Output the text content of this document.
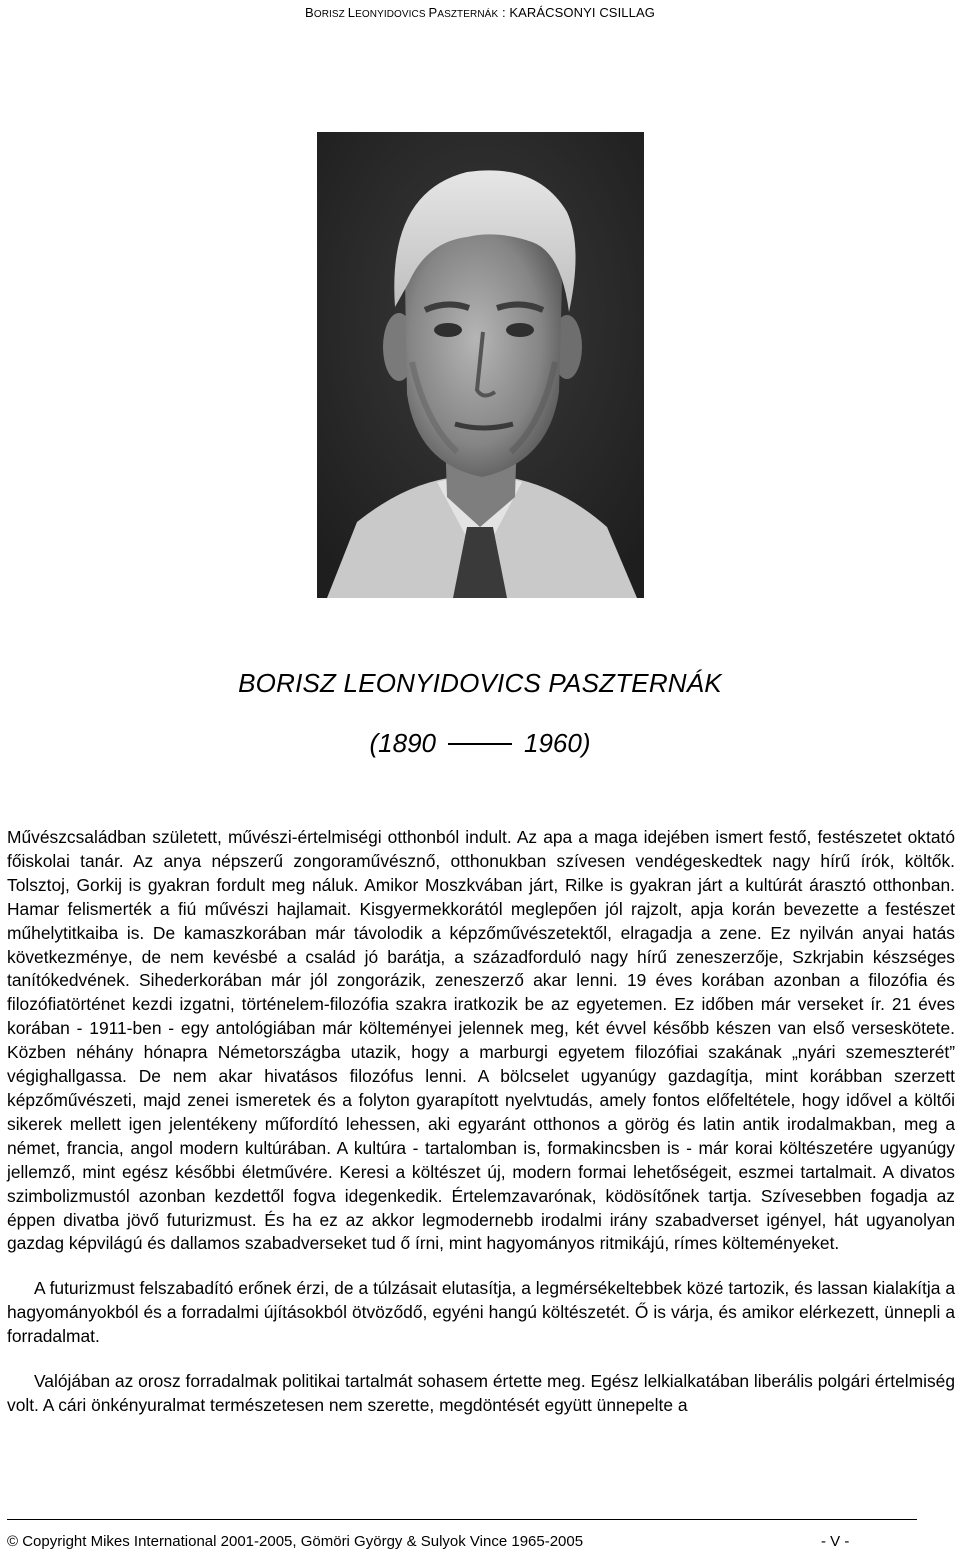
BORISZ LEONYIDOVICS PASZTERNÁK : KARÁCSONYI CSILLAG
BORISZ LEONYIDOVICS PASZTERNÁK
(1890	1960)

Művészcsaládban született, művészi-értelmiségi otthonból indult. Az apa a maga idejében ismert festő, festészetet oktató főiskolai tanár. Az anya népszerű zongoraművésznő, otthonukban szívesen vendégeskedtek nagy hírű írók, költők. Tolsztoj, Gorkij is gyakran fordult meg náluk. Amikor Moszkvában járt, Rilke is gyakran járt a kultúrát árasztó otthonban. Hamar felismerték a fiú művészi hajlamait. Kisgyermekkorától meglepően jól rajzolt, apja korán bevezette a festészet műhelytitkaiba is. De kamaszkorában már távolodik a képzőművészetektől, elragadja a zene. Ez nyilván anyai hatás következménye, de nem kevésbé a család jó barátja, a századforduló nagy hírű zeneszerzője, Szkrjabin készséges tanítókedvének. Sihederkorában már jól zongorázik, zeneszerző akar lenni. 19 éves korában azonban a filozófia és filozófiatörténet kezdi izgatni, történelem-filozófia szakra iratkozik be az egyetemen. Ez időben már verseket ír. 21 éves korában - 1911-ben - egy antológiában már költeményei jelennek meg, két évvel később készen van első verseskötete. Közben néhány hónapra Németországba utazik, hogy a marburgi egyetem filozófiai szakának „nyári szemeszterét” végighallgassa. De nem akar hivatásos filozófus lenni. A bölcselet ugyanúgy gazdagítja, mint korábban szerzett képzőművészeti, majd zenei ismeretek és a folyton gyarapított nyelvtudás, amely fontos előfeltétele, hogy idővel a költői sikerek mellett igen jelentékeny műfordító lehessen, aki egyaránt otthonos a görög és latin antik irodalmakban, meg a német, francia, angol modern kultúrában. A kultúra - tartalomban is, formakincsben is - már korai költészetére ugyanúgy jellemző, mint egész későbbi életművére. Keresi a költészet új, modern formai lehetőségeit, eszmei tartalmait. A divatos szimbolizmustól azonban kezdettől fogva idegenkedik. Értelemzavarónak, ködösítőnek tartja. Szívesebben fogadja az éppen divatba jövő futurizmust. És ha ez az akkor legmodernebb irodalmi irány szabadverset igényel, hát ugyanolyan gazdag képvilágú és dallamos szabadverseket tud ő írni, mint hagyományos ritmikájú, rímes költeményeket.

A futurizmust felszabadító erőnek érzi, de a túlzásait elutasítja, a legmérsékeltebbek közé tartozik, és lassan kialakítja a hagyományokból és a forradalmi újításokból ötvöződő, egyéni hangú költészetét. Ő is várja, és amikor elérkezett, ünnepli a forradalmat.

Valójában az orosz forradalmak politikai tartalmát sohasem értette meg. Egész lelkialkatában liberális polgári értelmiség volt. A cári önkényuralmat természetesen nem szerette, megdöntését együtt ünnepelte a

© Copyright Mikes International 2001-2005, Gömöri György & Sulyok Vince 1965-2005	- V -
